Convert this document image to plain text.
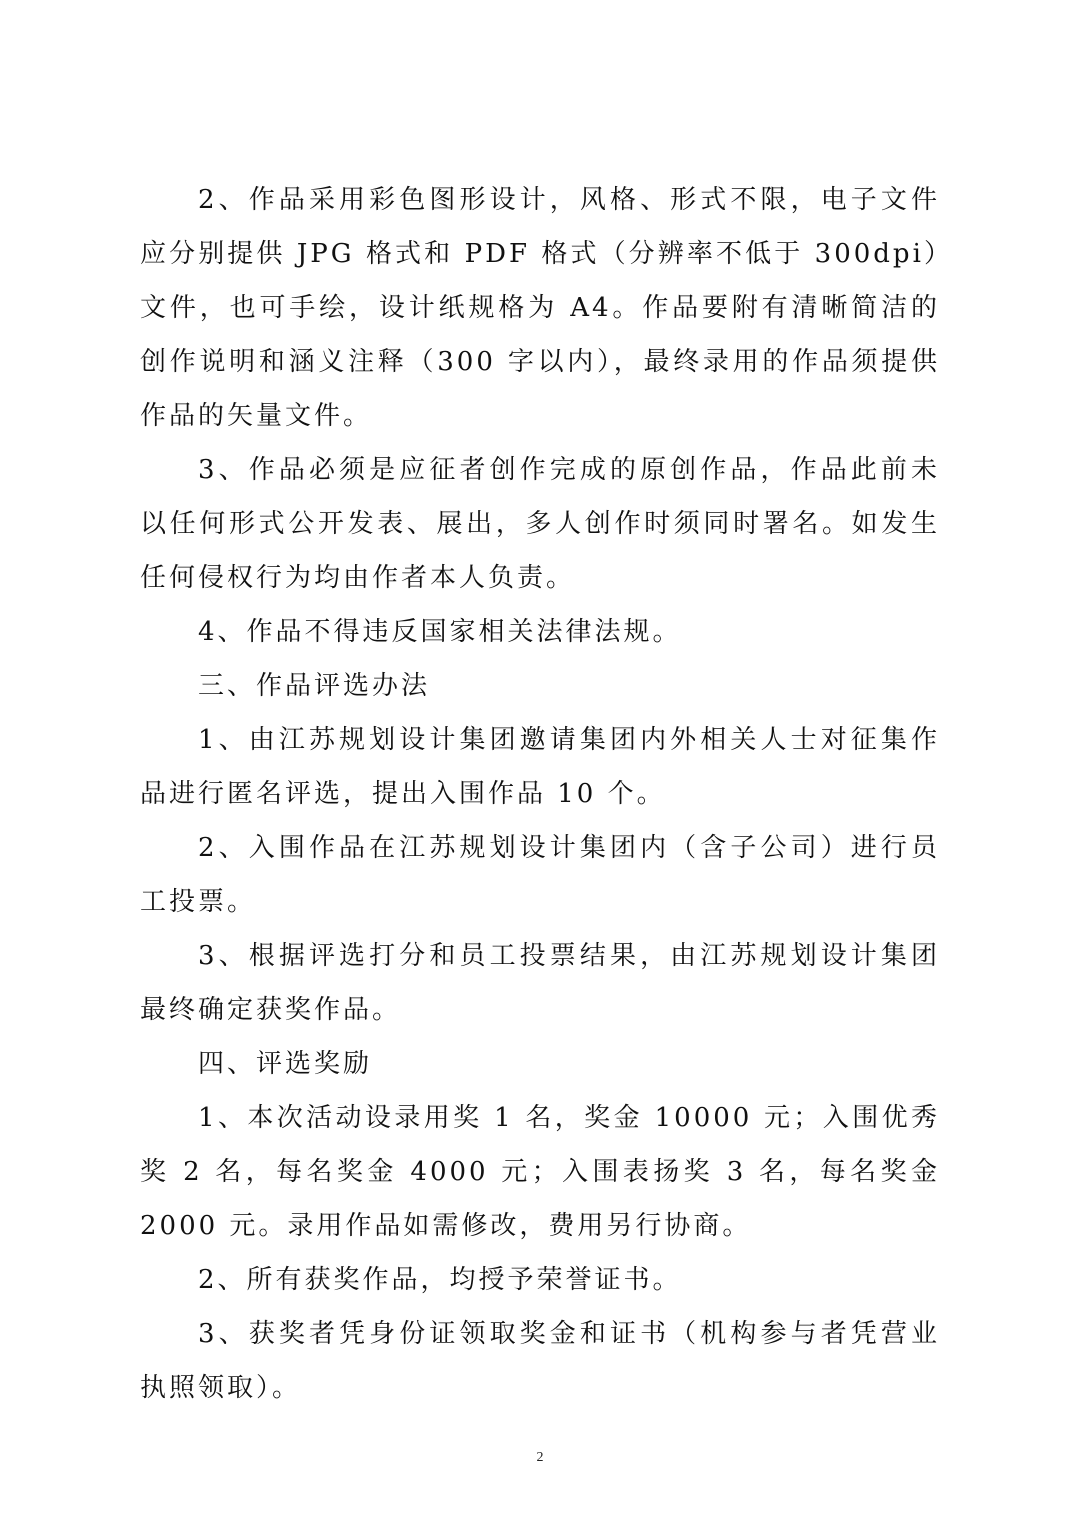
2、作品采用彩色图形设计，风格、形式不限，电子文件应分别提供 JPG 格式和 PDF 格式（分辨率不低于 300dpi）文件，也可手绘，设计纸规格为 A4。作品要附有清晰简洁的创作说明和涵义注释（300 字以内），最终录用的作品须提供作品的矢量文件。

3、作品必须是应征者创作完成的原创作品，作品此前未以任何形式公开发表、展出，多人创作时须同时署名。如发生任何侵权行为均由作者本人负责。

4、作品不得违反国家相关法律法规。

三、作品评选办法

1、由江苏规划设计集团邀请集团内外相关人士对征集作品进行匿名评选，提出入围作品 10 个。

2、入围作品在江苏规划设计集团内（含子公司）进行员工投票。

3、根据评选打分和员工投票结果，由江苏规划设计集团最终确定获奖作品。

四、评选奖励

1、本次活动设录用奖 1 名，奖金 10000 元；入围优秀奖 2 名，每名奖金 4000 元；入围表扬奖 3 名，每名奖金 2000 元。录用作品如需修改，费用另行协商。

2、所有获奖作品，均授予荣誉证书。

3、获奖者凭身份证领取奖金和证书（机构参与者凭营业执照领取）。

2
